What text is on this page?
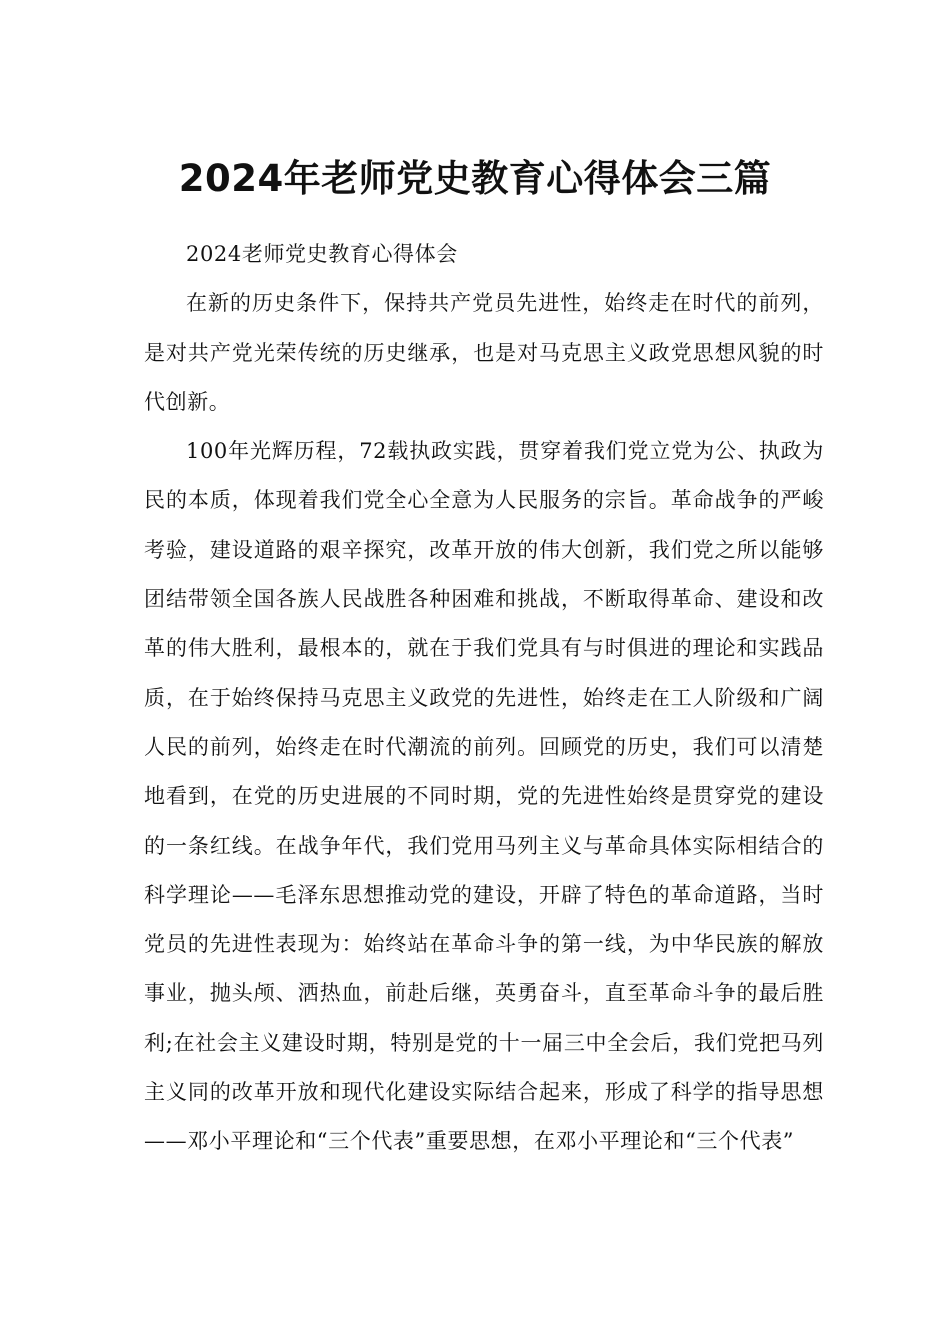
2024年老师党史教育心得体会三篇

2024老师党史教育心得体会

在新的历史条件下，保持共产党员先进性，始终走在时代的前列，是对共产党光荣传统的历史继承，也是对马克思主义政党思想风貌的时代创新。

100年光辉历程，72载执政实践，贯穿着我们党立党为公、执政为民的本质，体现着我们党全心全意为人民服务的宗旨。革命战争的严峻考验，建设道路的艰辛探究，改革开放的伟大创新，我们党之所以能够团结带领全国各族人民战胜各种困难和挑战，不断取得革命、建设和改革的伟大胜利，最根本的，就在于我们党具有与时俱进的理论和实践品质，在于始终保持马克思主义政党的先进性，始终走在工人阶级和广阔人民的前列，始终走在时代潮流的前列。回顾党的历史，我们可以清楚地看到，在党的历史进展的不同时期，党的先进性始终是贯穿党的建设的一条红线。在战争年代，我们党用马列主义与革命具体实际相结合的科学理论——毛泽东思想推动党的建设，开辟了特色的革命道路，当时党员的先进性表现为：始终站在革命斗争的第一线，为中华民族的解放事业，抛头颅、洒热血，前赴后继，英勇奋斗，直至革命斗争的最后胜利;在社会主义建设时期，特别是党的十一届三中全会后，我们党把马列主义同的改革开放和现代化建设实际结合起来，形成了科学的指导思想——邓小平理论和“三个代表”重要思想，在邓小平理论和“三个代表”
